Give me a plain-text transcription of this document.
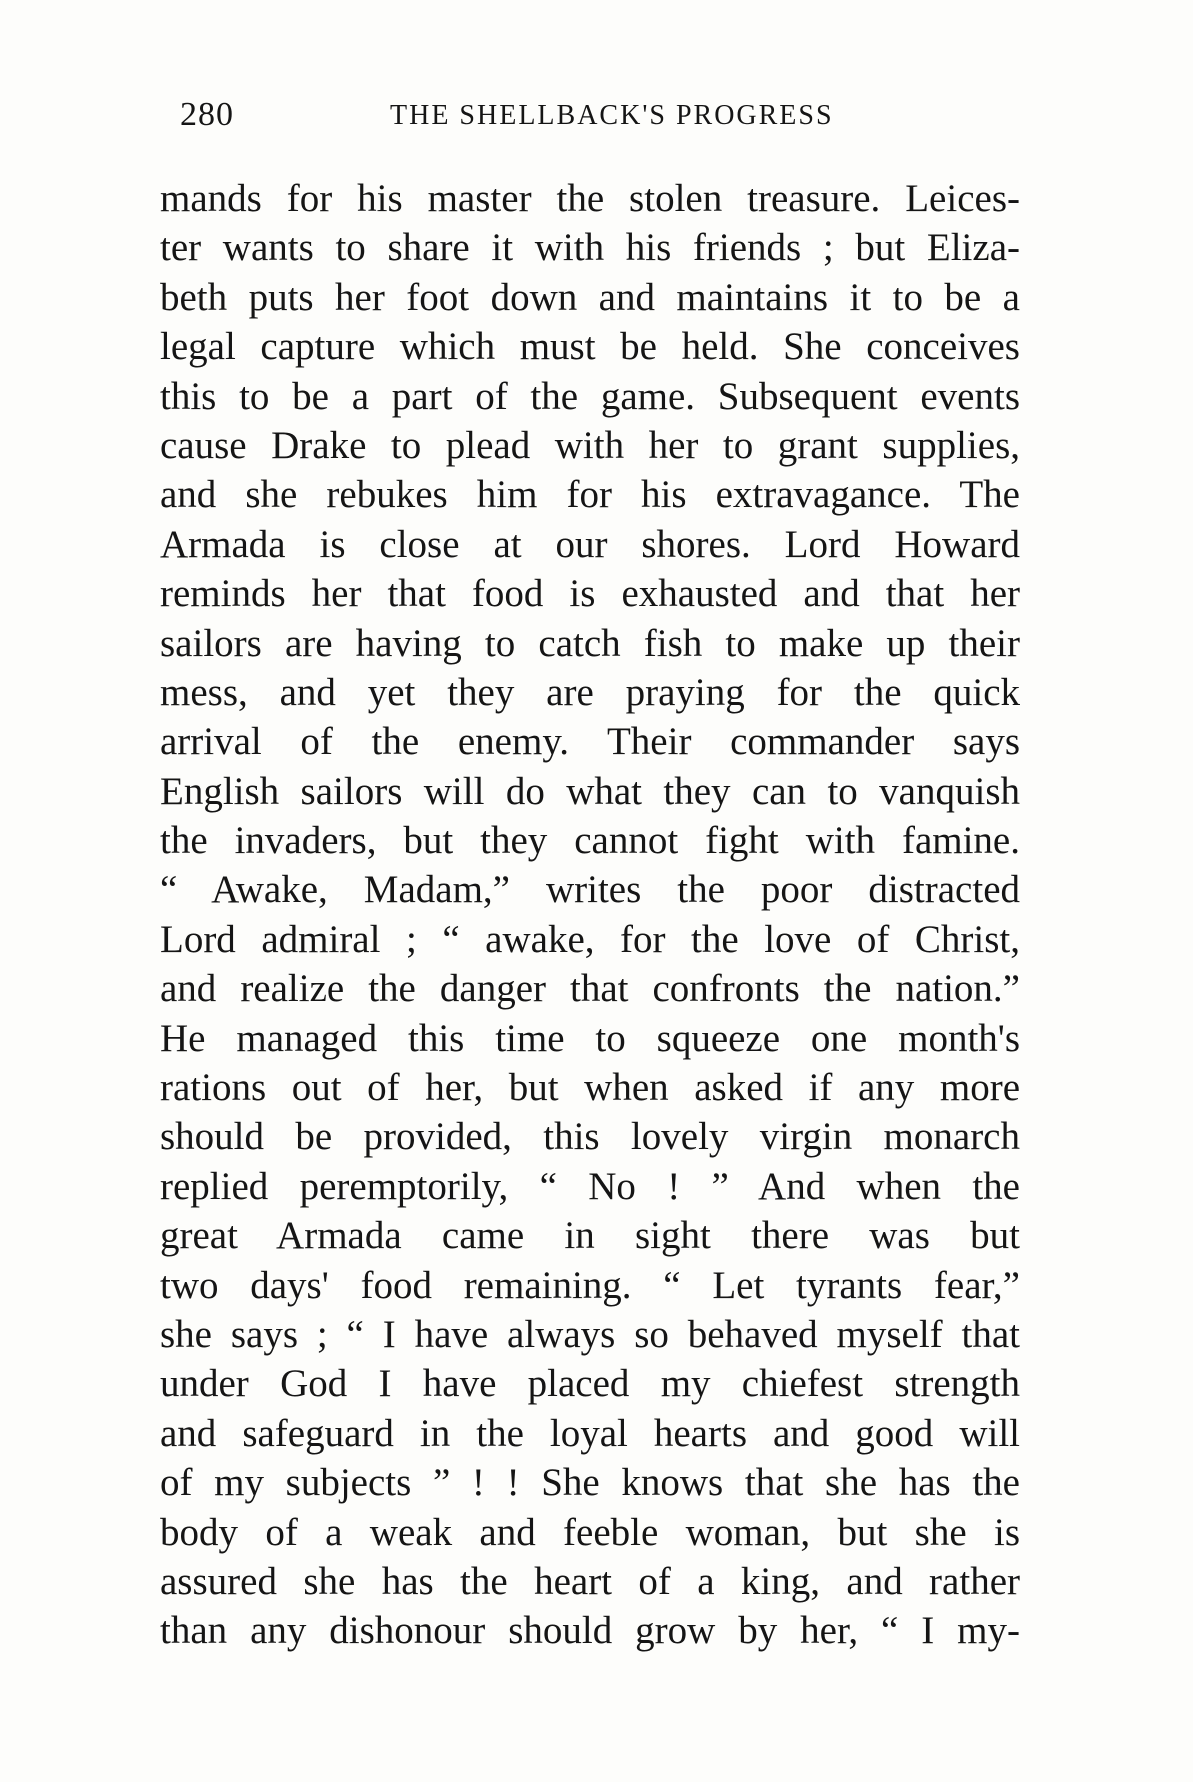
280	THE SHELLBACK'S PROGRESS
mands for his master the stolen treasure. Leices-
ter wants to share it with his friends ; but Eliza-
beth puts her foot down and maintains it to be a
legal capture which must be held. She conceives
this to be a part of the game. Subsequent events
cause Drake to plead with her to grant supplies,
and she rebukes him for his extravagance. The
Armada is close at our shores. Lord Howard
reminds her that food is exhausted and that her
sailors are having to catch fish to make up their
mess, and yet they are praying for the quick
arrival of the enemy. Their commander says
English sailors will do what they can to vanquish
the invaders, but they cannot fight with famine.
“ Awake, Madam,” writes the poor distracted
Lord admiral ; “ awake, for the love of Christ,
and realize the danger that confronts the nation.”
He managed this time to squeeze one month's
rations out of her, but when asked if any more
should be provided, this lovely virgin monarch
replied peremptorily, “ No ! ” And when the
great Armada came in sight there was but
two days' food remaining. “ Let tyrants fear,”
she says ; “ I have always so behaved myself that
under God I have placed my chiefest strength
and safeguard in the loyal hearts and good will
of my subjects ” ! ! She knows that she has the
body of a weak and feeble woman, but she is
assured she has the heart of a king, and rather
than any dishonour should grow by her, “ I my-
